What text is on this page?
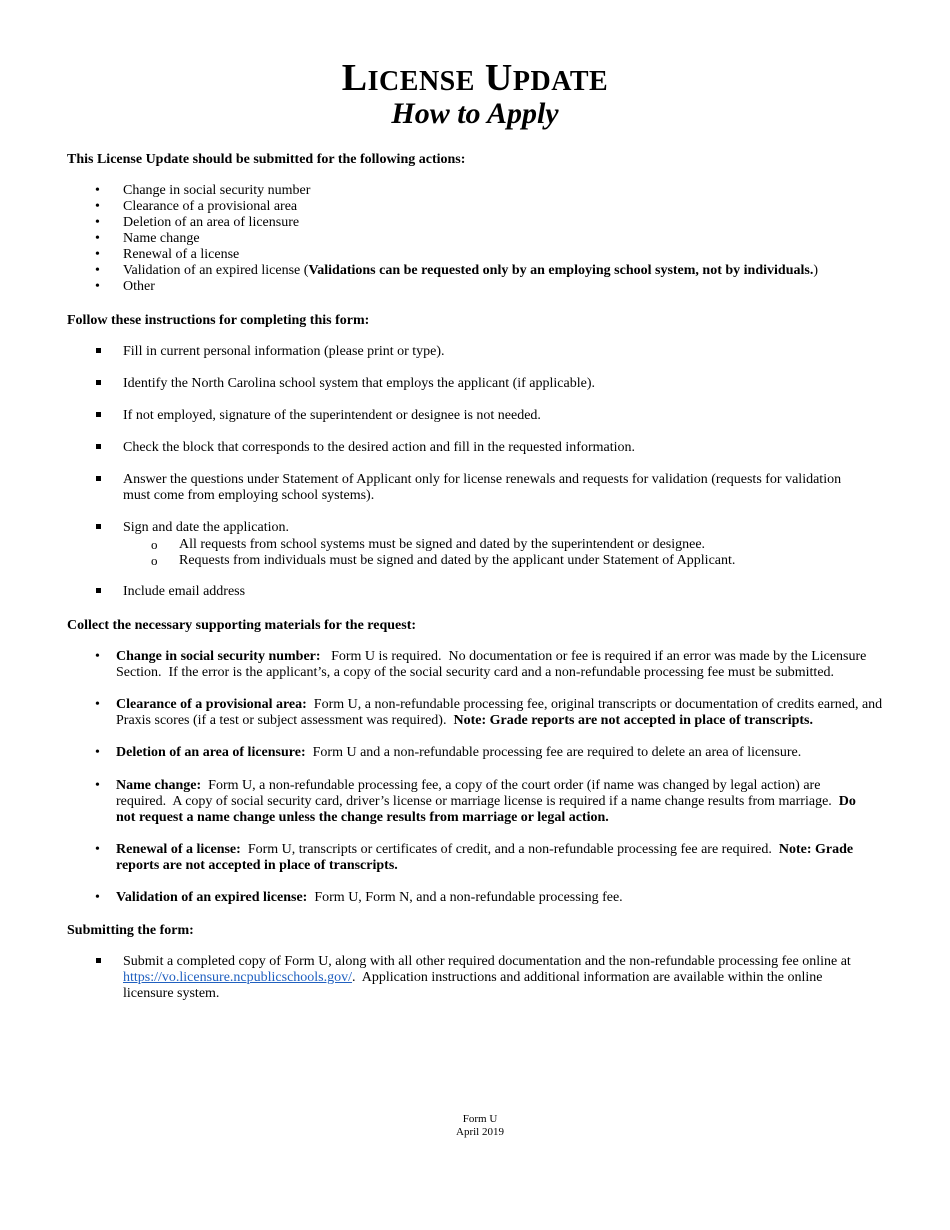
LICENSE UPDATE
How to Apply
This License Update should be submitted for the following actions:
• Change in social security number
• Clearance of a provisional area
• Deletion of an area of licensure
• Name change
• Renewal of a license
• Validation of an expired license (Validations can be requested only by an employing school system, not by individuals.)
• Other
Follow these instructions for completing this form:
Fill in current personal information (please print or type).
Identify the North Carolina school system that employs the applicant (if applicable).
If not employed, signature of the superintendent or designee is not needed.
Check the block that corresponds to the desired action and fill in the requested information.
Answer the questions under Statement of Applicant only for license renewals and requests for validation (requests for validation must come from employing school systems).
Sign and date the application.
o All requests from school systems must be signed and dated by the superintendent or designee.
o Requests from individuals must be signed and dated by the applicant under Statement of Applicant.
Include email address
Collect the necessary supporting materials for the request:
• Change in social security number:   Form U is required.  No documentation or fee is required if an error was made by the Licensure Section.  If the error is the applicant’s, a copy of the social security card and a non-refundable processing fee must be submitted.
• Clearance of a provisional area:  Form U, a non-refundable processing fee, original transcripts or documentation of credits earned, and Praxis scores (if a test or subject assessment was required).  Note: Grade reports are not accepted in place of transcripts.
• Deletion of an area of licensure:  Form U and a non-refundable processing fee are required to delete an area of licensure.
• Name change:  Form U, a non-refundable processing fee, a copy of the court order (if name was changed by legal action) are required.  A copy of social security card, driver’s license or marriage license is required if a name change results from marriage.  Do not request a name change unless the change results from marriage or legal action.
• Renewal of a license:  Form U, transcripts or certificates of credit, and a non-refundable processing fee are required.  Note: Grade reports are not accepted in place of transcripts.
• Validation of an expired license:  Form U, Form N, and a non-refundable processing fee.
Submitting the form:
Submit a completed copy of Form U, along with all other required documentation and the non-refundable processing fee online at https://vo.licensure.ncpublicschools.gov/.  Application instructions and additional information are available within the online licensure system.
Form U
April 2019
